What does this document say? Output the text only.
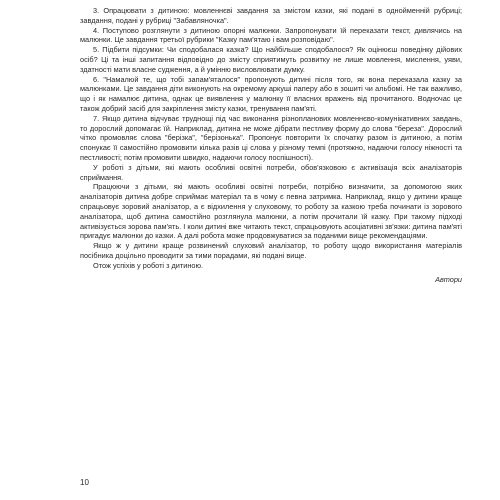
3. Опрацювати з дитиною: мовленнєві завдання за змістом казки, які подані в однойменній рубриці; завдання, подані у рубриці "Забавляночка".

4. Поступово розглянути з дитиною опорні малюнки. Запропонувати їй переказати текст, дивлячись на малюнки. Це завдання третьої рубрики "Казку пам'ятаю і вам розповідаю".

5. Підбити підсумки: Чи сподобалася казка? Що найбільше сподобалося? Як оцінюєш поведінку дійових осіб? Ці та інші запитання відповідно до змісту сприятимуть розвитку не лише мовлення, мислення, уяви, здатності мати власне судження, а й умінню висловлювати думку.

6. "Намалюй те, що тобі запам'яталося" пропонують дитині після того, як вона переказала казку за малюнками. Це завдання діти виконують на окремому аркуші паперу або в зошиті чи альбомі. Не так важливо, що і як намалює дитина, однак це виявлення у малюнку її власних вражень від прочитаного. Водночас це також добрий засіб для закріплення змісту казки, тренування пам'яті.

7. Якщо дитина відчуває труднощі під час виконання різнопланових мовленнєво-комунікативних завдань, то дорослий допомагає їй. Наприклад, дитина не може дібрати пестливу форму до слова "береза". Дорослий чітко промовляє слова "берізка", "берізонька". Пропонує повторити їх спочатку разом із дитиною, а потім спонукає її самостійно промовити кілька разів ці слова у різному темпі (протяжно, надаючи голосу ніжності та пестливості; потім промовити швидко, надаючи голосу поспішності).

У роботі з дітьми, які мають особливі освітні потреби, обов'язковою є активізація всіх аналізаторів сприймання.

Працюючи з дітьми, які мають особливі освітні потреби, потрібно визначити, за допомогою яких аналізаторів дитина добре сприймає матеріал та в чому є певна затримка. Наприклад, якщо у дитини краще спрацьовує зоровий аналізатор, а є відхилення у слуховому, то роботу за казкою треба починати із зорового аналізатора, щоб дитина самостійно розглянула малюнки, а потім прочитали їй казку. При такому підході активізується зорова пам'ять. І коли дитині вже читають текст, спрацьовують асоціативні зв'язки: дитина пам'яті пригадує малюнки до казки. А далі робота може продовжуватися за поданими вище рекомендаціями.

Якщо ж у дитини краще розвинений слуховий аналізатор, то роботу щодо використання матеріалів посібника доцільно проводити за тими порадами, які подані вище.

Отож успіхів у роботі з дитиною.

Автори

10
